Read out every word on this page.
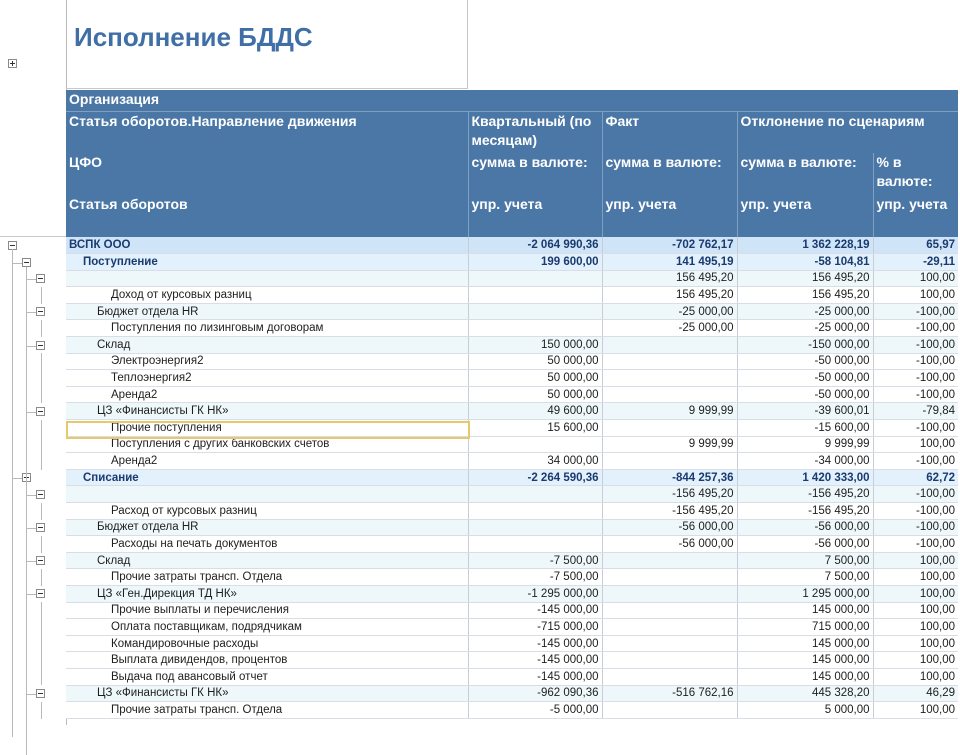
Исполнение БДДС
Организация				
Статья оборотов.Направление движения	Квартальный (по месяцам)	Факт	Отклонение по сценариям	
ЦФО	сумма в валюте:	сумма в валюте:	сумма в валюте:	% в валюте:
Статья оборотов	упр. учета	упр. учета	упр. учета	упр. учета
ВСПК ООО	-2 064 990,36	-702 762,17	1 362 228,19	65,97
Поступление	199 600,00	141 495,19	-58 104,81	-29,11
		156 495,20	156 495,20	100,00
Доход от курсовых разниц		156 495,20	156 495,20	100,00
Бюджет отдела HR		-25 000,00	-25 000,00	-100,00
Поступления по лизинговым договорам		-25 000,00	-25 000,00	-100,00
Склад	150 000,00		-150 000,00	-100,00
Электроэнергия2	50 000,00		-50 000,00	-100,00
Теплоэнергия2	50 000,00		-50 000,00	-100,00
Аренда2	50 000,00		-50 000,00	-100,00
ЦЗ «Финансисты ГК НК»	49 600,00	9 999,99	-39 600,01	-79,84
Прочие поступления	15 600,00		-15 600,00	-100,00
Поступления с других банковских счетов		9 999,99	9 999,99	100,00
Аренда2	34 000,00		-34 000,00	-100,00
Списание	-2 264 590,36	-844 257,36	1 420 333,00	62,72
		-156 495,20	-156 495,20	-100,00
Расход от курсовых разниц		-156 495,20	-156 495,20	-100,00
Бюджет отдела HR		-56 000,00	-56 000,00	-100,00
Расходы на печать документов		-56 000,00	-56 000,00	-100,00
Склад	-7 500,00		7 500,00	100,00
Прочие затраты трансп. Отдела	-7 500,00		7 500,00	100,00
ЦЗ «Ген.Дирекция ТД НК»	-1 295 000,00		1 295 000,00	100,00
Прочие выплаты и перечисления	-145 000,00		145 000,00	100,00
Оплата поставщикам, подрядчикам	-715 000,00		715 000,00	100,00
Командировочные расходы	-145 000,00		145 000,00	100,00
Выплата дивидендов, процентов	-145 000,00		145 000,00	100,00
Выдача под авансовый отчет	-145 000,00		145 000,00	100,00
ЦЗ «Финансисты ГК НК»	-962 090,36	-516 762,16	445 328,20	46,29
Прочие затраты трансп. Отдела	-5 000,00		5 000,00	100,00
